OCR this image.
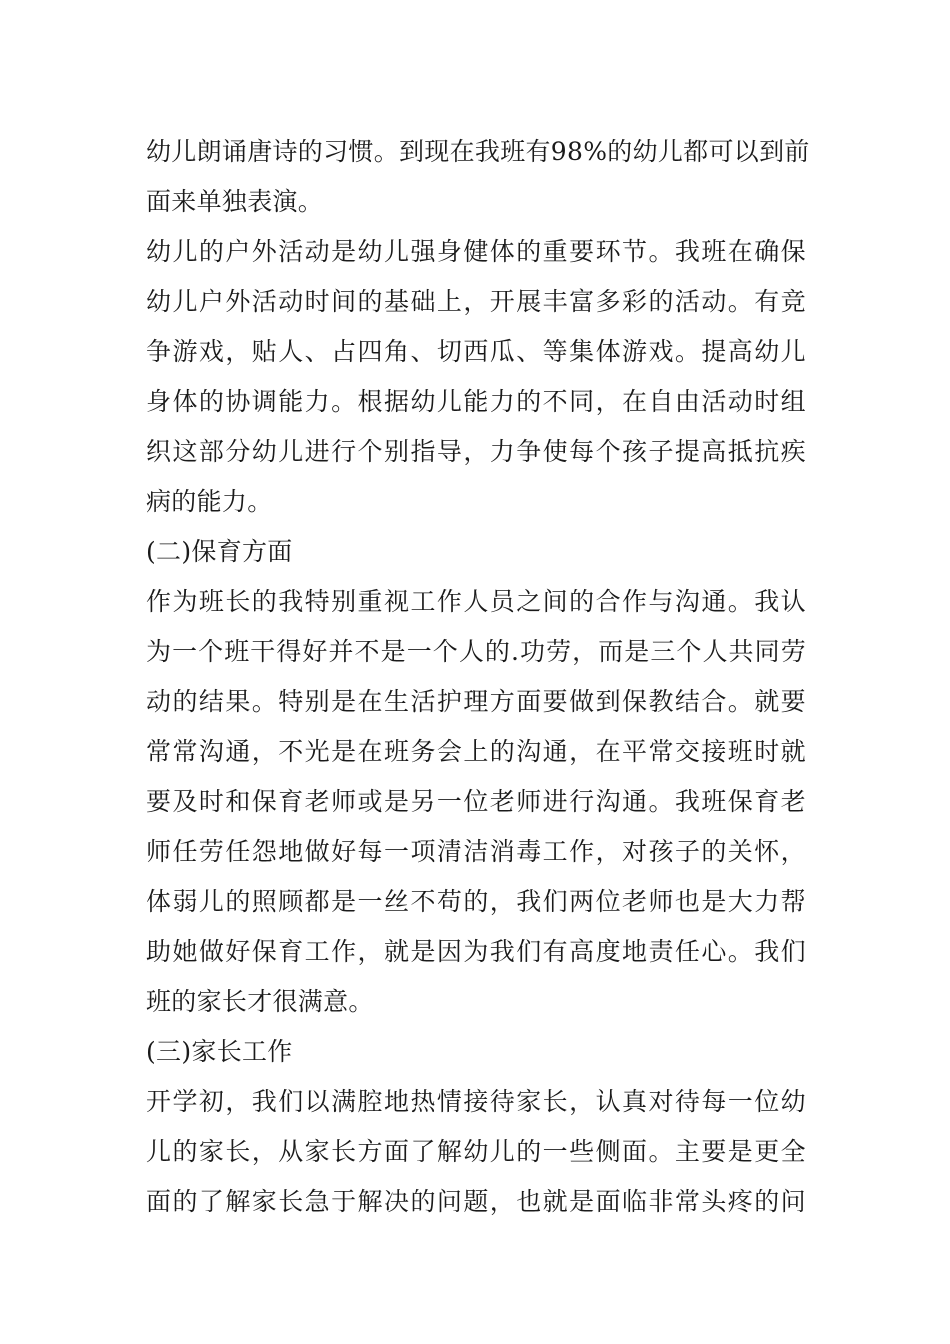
幼儿朗诵唐诗的习惯。到现在我班有98%的幼儿都可以到前
面来单独表演。
幼儿的户外活动是幼儿强身健体的重要环节。我班在确保
幼儿户外活动时间的基础上，开展丰富多彩的活动。有竞
争游戏，贴人、占四角、切西瓜、等集体游戏。提高幼儿
身体的协调能力。根据幼儿能力的不同，在自由活动时组
织这部分幼儿进行个别指导，力争使每个孩子提高抵抗疾
病的能力。
(二)保育方面
作为班长的我特别重视工作人员之间的合作与沟通。我认
为一个班干得好并不是一个人的.功劳，而是三个人共同劳
动的结果。特别是在生活护理方面要做到保教结合。就要
常常沟通，不光是在班务会上的沟通，在平常交接班时就
要及时和保育老师或是另一位老师进行沟通。我班保育老
师任劳任怨地做好每一项清洁消毒工作，对孩子的关怀，
体弱儿的照顾都是一丝不苟的，我们两位老师也是大力帮
助她做好保育工作，就是因为我们有高度地责任心。我们
班的家长才很满意。
(三)家长工作
开学初，我们以满腔地热情接待家长，认真对待每一位幼
儿的家长，从家长方面了解幼儿的一些侧面。主要是更全
面的了解家长急于解决的问题，也就是面临非常头疼的问
